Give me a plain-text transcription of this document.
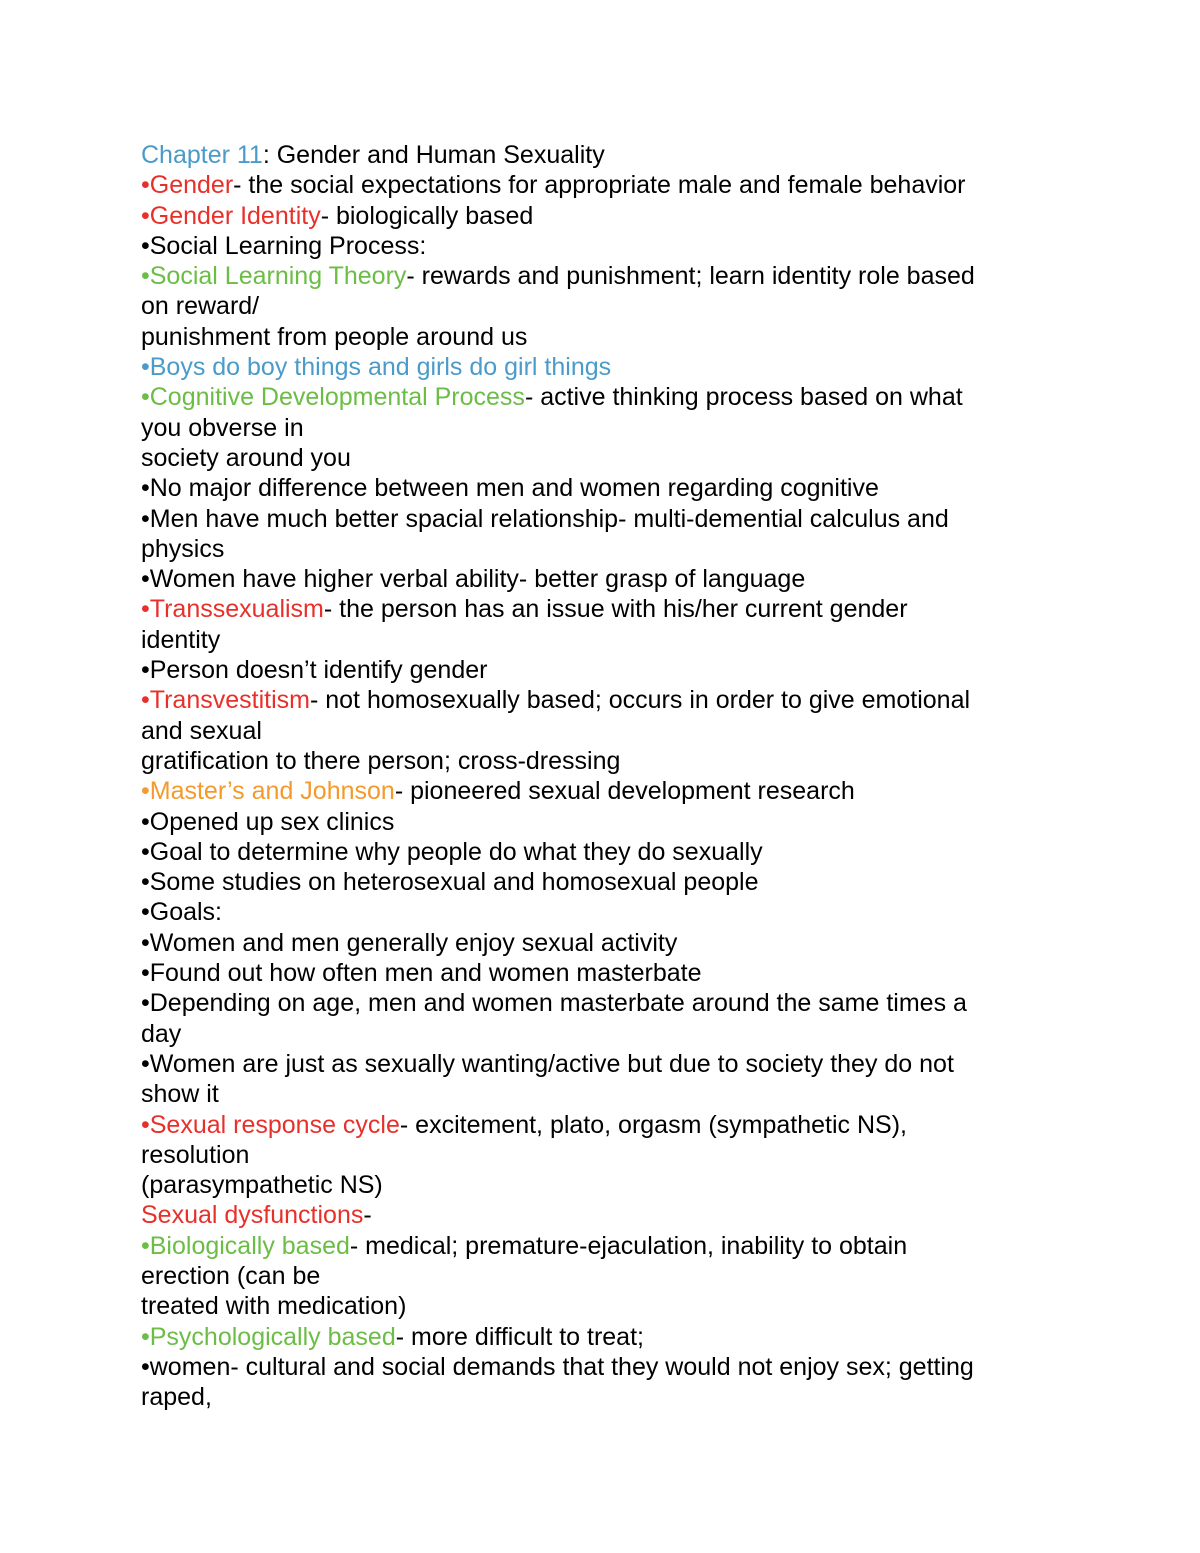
Chapter 11: Gender and Human Sexuality
•Gender- the social expectations for appropriate male and female behavior
•Gender Identity- biologically based
•Social Learning Process:
•Social Learning Theory- rewards and punishment; learn identity role based
on reward/
punishment from people around us
•Boys do boy things and girls do girl things
•Cognitive Developmental Process- active thinking process based on what
you obverse in
society around you
•No major difference between men and women regarding cognitive
•Men have much better spacial relationship- multi-demential calculus and
physics
•Women have higher verbal ability- better grasp of language
•Transsexualism- the person has an issue with his/her current gender
identity
•Person doesn’t identify gender
•Transvestitism- not homosexually based; occurs in order to give emotional
and sexual
gratification to there person; cross-dressing
•Master’s and Johnson- pioneered sexual development research
•Opened up sex clinics
•Goal to determine why people do what they do sexually
•Some studies on heterosexual and homosexual people
•Goals:
•Women and men generally enjoy sexual activity
•Found out how often men and women masterbate
•Depending on age, men and women masterbate around the same times a
day
•Women are just as sexually wanting/active but due to society they do not
show it
•Sexual response cycle- excitement, plato, orgasm (sympathetic NS),
resolution
(parasympathetic NS)
Sexual dysfunctions-
•Biologically based- medical; premature-ejaculation, inability to obtain
erection (can be
treated with medication)
•Psychologically based- more difficult to treat;
•women- cultural and social demands that they would not enjoy sex; getting
raped,
